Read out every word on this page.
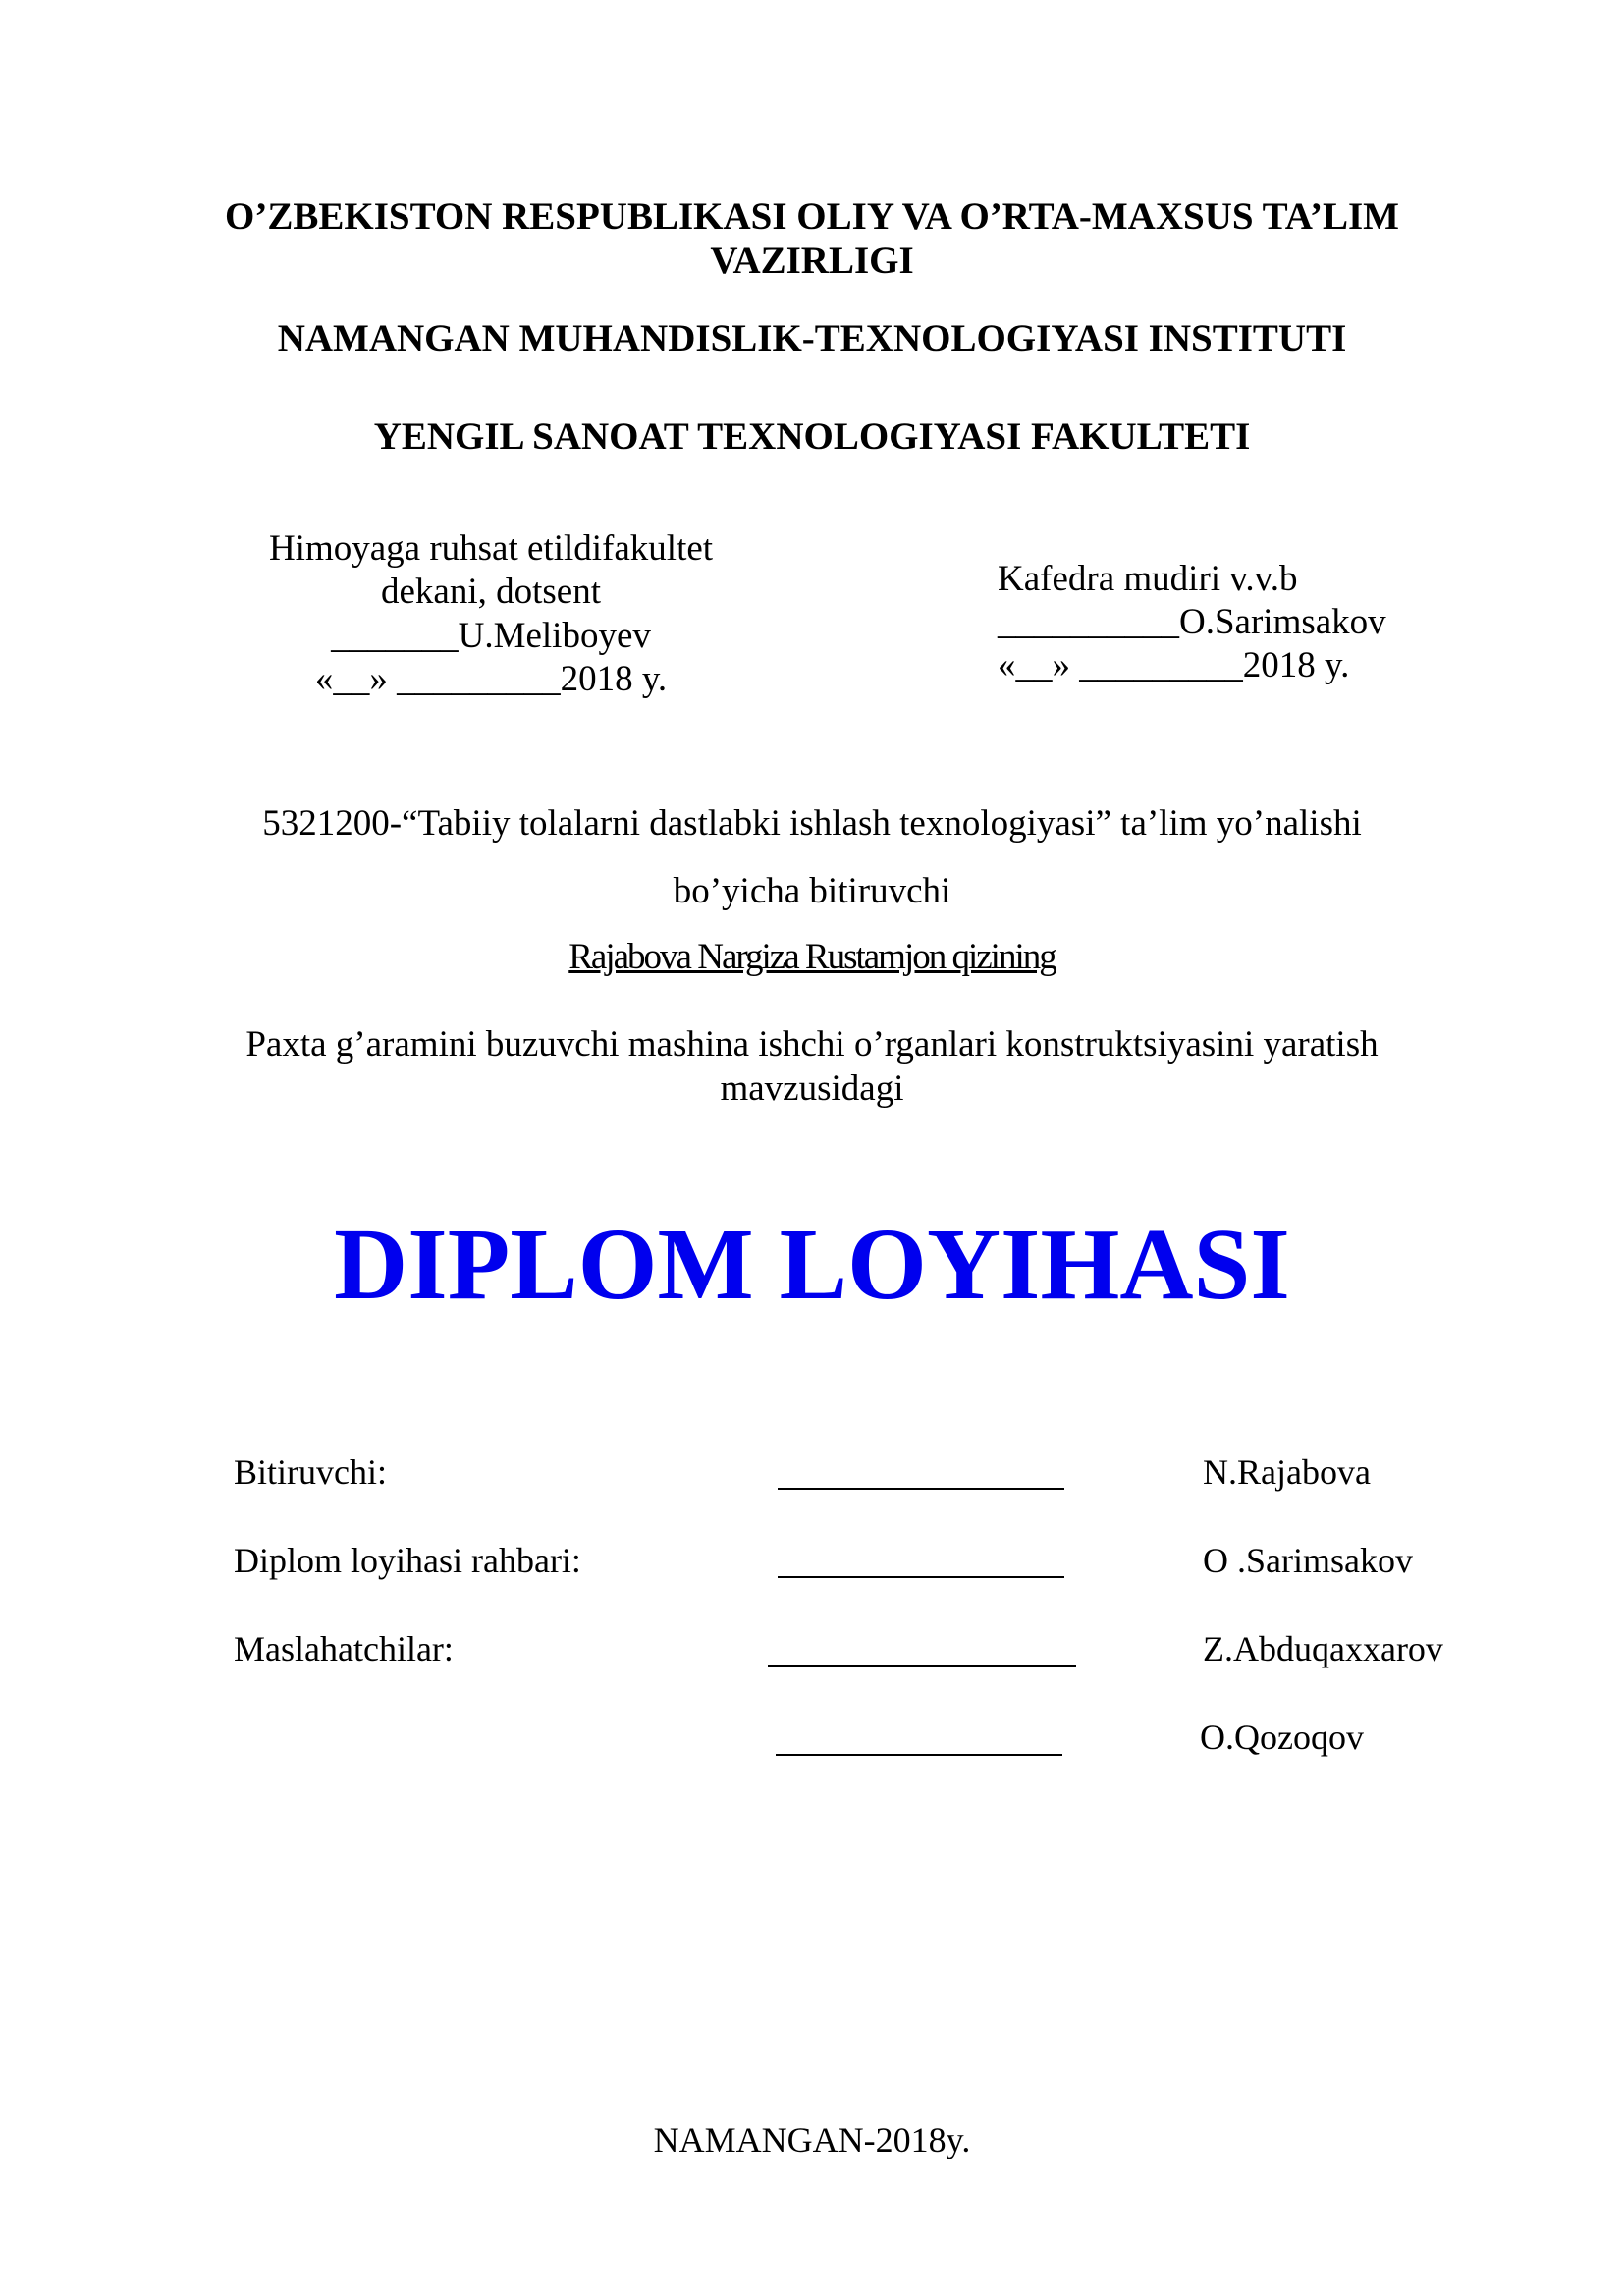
O’ZBEKISTON RESPUBLIKASI OLIY VA O’RTA-MAXSUS TA’LIM
VAZIRLIGI
NAMANGAN MUHANDISLIK-TEXNOLOGIYASI INSTITUTI
YENGIL SANOAT TEXNOLOGIYASI FAKULTETI
Himoyaga ruhsat etildifakultet
dekani, dotsent
_______U.Meliboyev
«__» _________2018 y.
Kafedra mudiri v.v.b
__________O.Sarimsakov
«__» _________2018 y.
5321200-“Tabiiy tolalarni dastlabki ishlash texnologiyasi” ta’lim yo’nalishi
bo’yicha bitiruvchi
Rajabova Nargiza Rustamjon qizining
Paxta g’aramini buzuvchi mashina ishchi o’rganlari konstruktsiyasini yaratish
mavzusidagi
DIPLOM LOYIHASI
Bitiruvchi:	N.Rajabova
Diplom loyihasi rahbari:	O .Sarimsakov
Maslahatchilar:	Z.Abduqaxxarov
O.Qozoqov
NAMANGAN-2018y.
